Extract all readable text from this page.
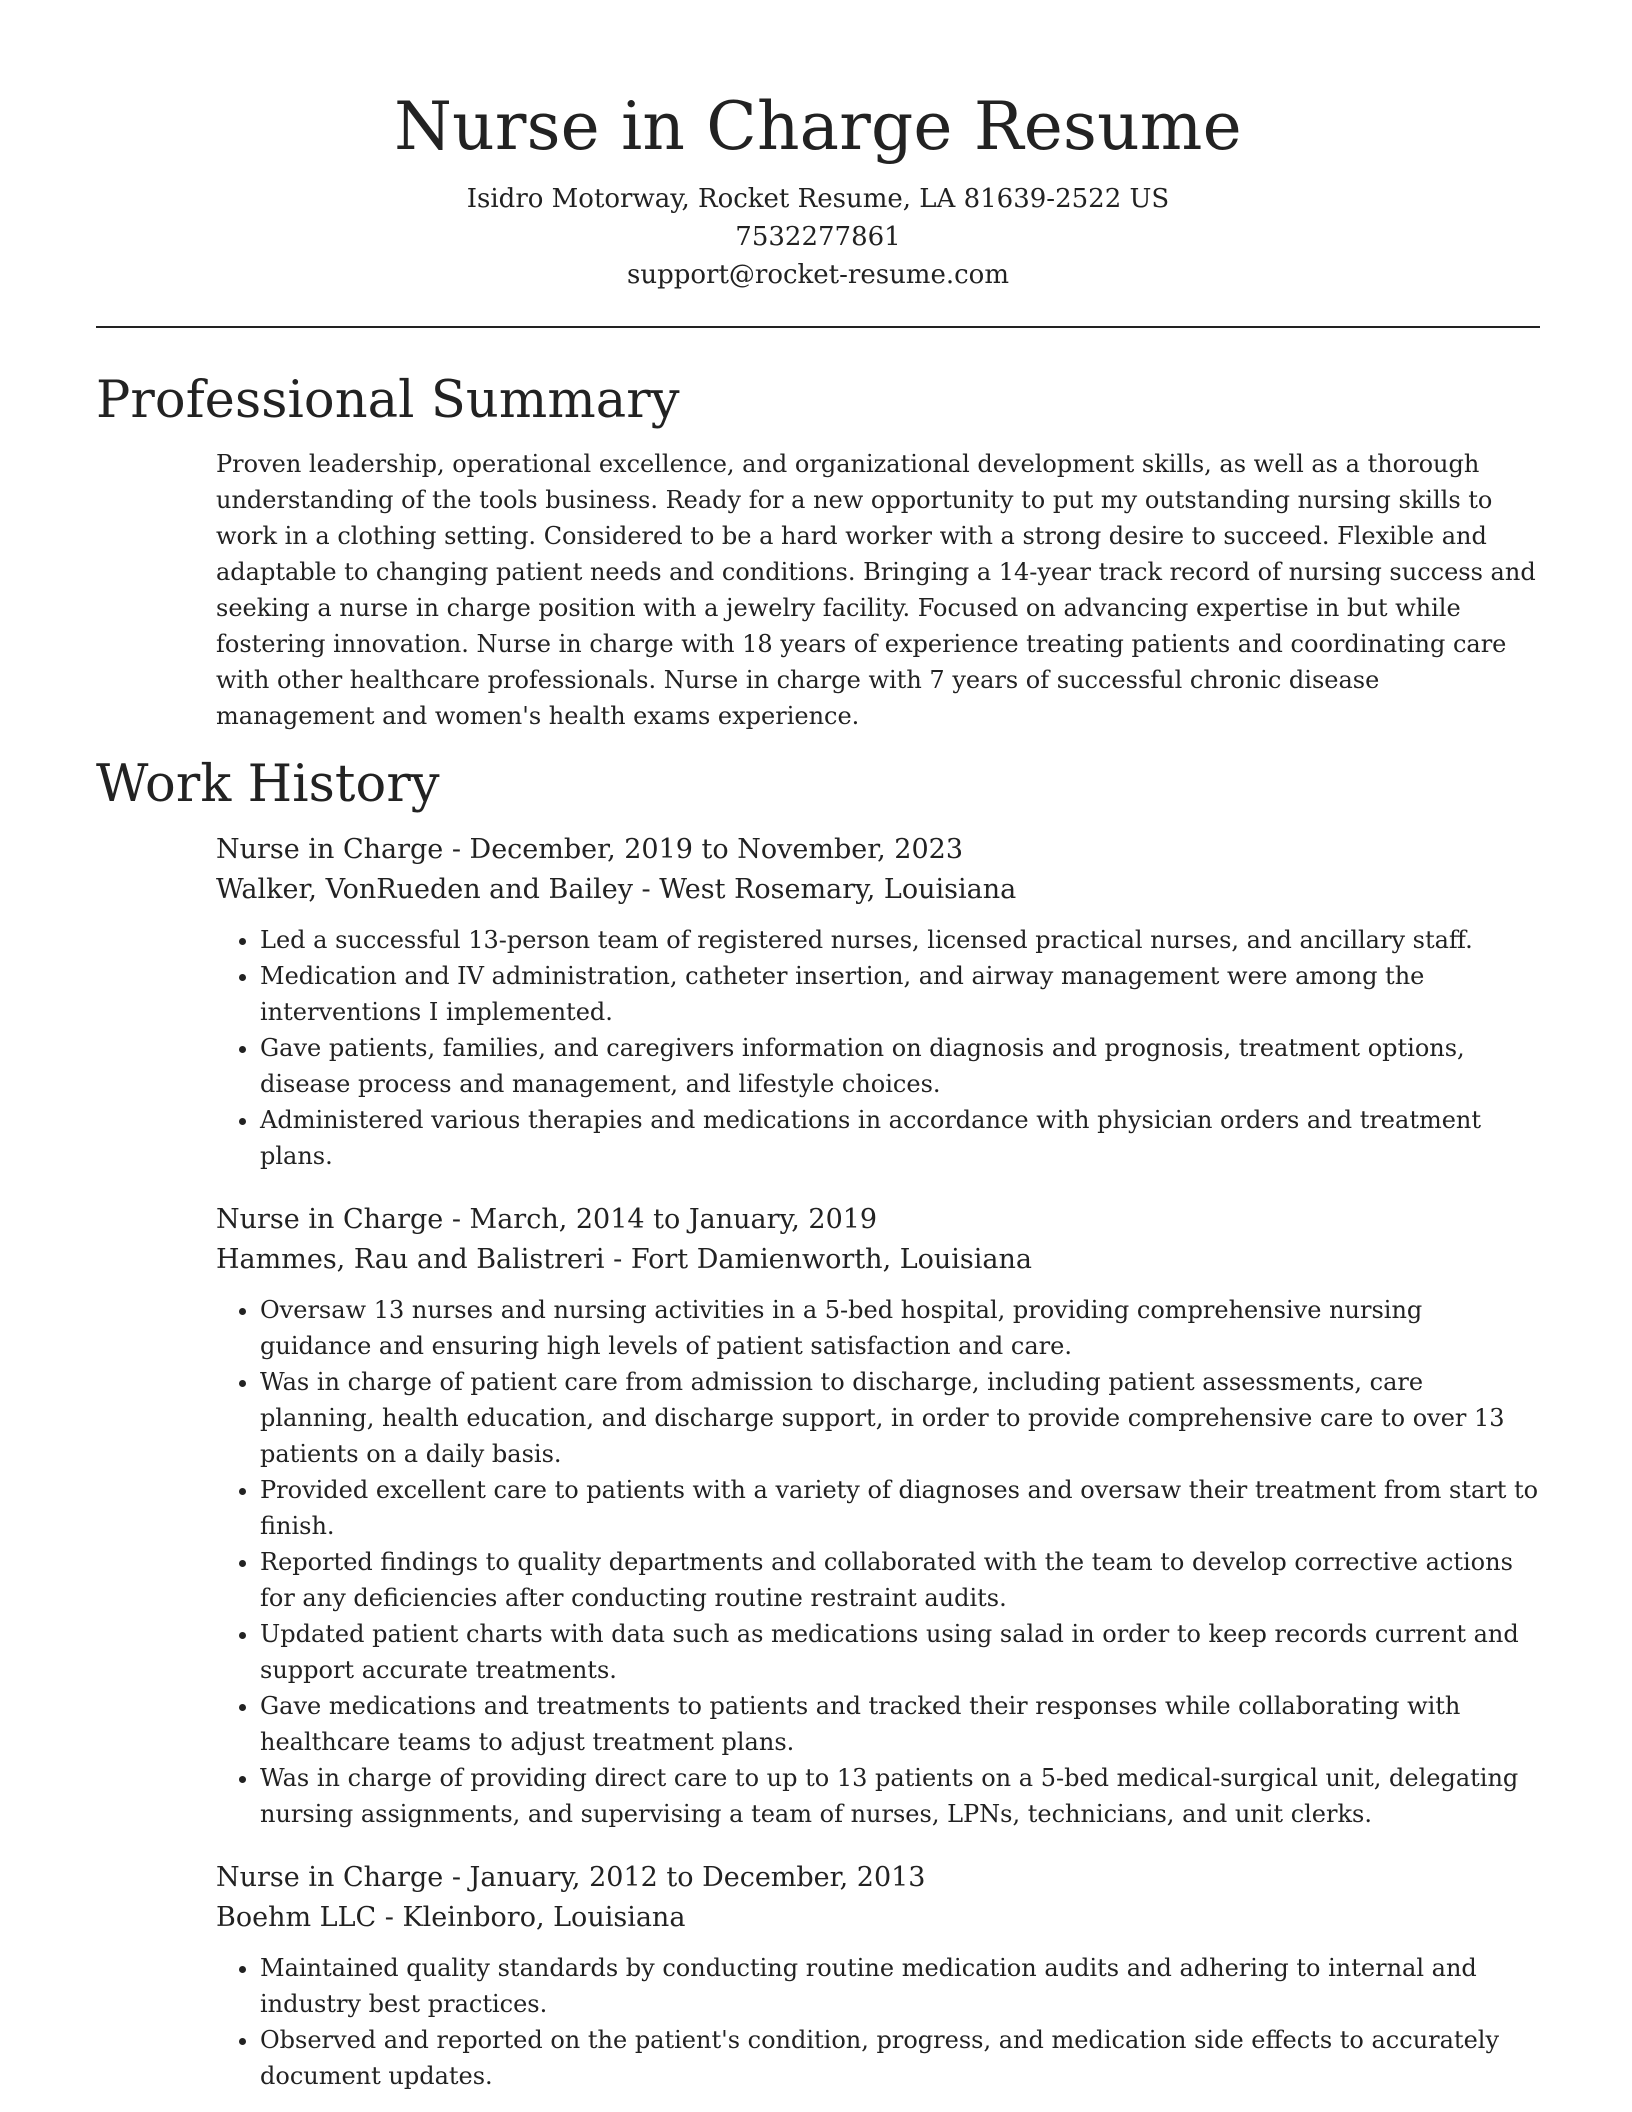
Nurse in Charge Resume
Isidro Motorway, Rocket Resume, LA 81639-2522 US
7532277861
support@rocket-resume.com
Professional Summary
Proven leadership, operational excellence, and organizational development skills, as well as a thorough understanding of the tools business. Ready for a new opportunity to put my outstanding nursing skills to work in a clothing setting. Considered to be a hard worker with a strong desire to succeed. Flexible and adaptable to changing patient needs and conditions. Bringing a 14-year track record of nursing success and seeking a nurse in charge position with a jewelry facility. Focused on advancing expertise in but while fostering innovation. Nurse in charge with 18 years of experience treating patients and coordinating care with other healthcare professionals. Nurse in charge with 7 years of successful chronic disease management and women's health exams experience.
Work History
Nurse in Charge - December, 2019 to November, 2023
Walker, VonRueden and Bailey - West Rosemary, Louisiana
• Led a successful 13-person team of registered nurses, licensed practical nurses, and ancillary staff.
• Medication and IV administration, catheter insertion, and airway management were among the interventions I implemented.
• Gave patients, families, and caregivers information on diagnosis and prognosis, treatment options, disease process and management, and lifestyle choices.
• Administered various therapies and medications in accordance with physician orders and treatment plans.
Nurse in Charge - March, 2014 to January, 2019
Hammes, Rau and Balistreri - Fort Damienworth, Louisiana
• Oversaw 13 nurses and nursing activities in a 5-bed hospital, providing comprehensive nursing guidance and ensuring high levels of patient satisfaction and care.
• Was in charge of patient care from admission to discharge, including patient assessments, care planning, health education, and discharge support, in order to provide comprehensive care to over 13 patients on a daily basis.
• Provided excellent care to patients with a variety of diagnoses and oversaw their treatment from start to finish.
• Reported findings to quality departments and collaborated with the team to develop corrective actions for any deficiencies after conducting routine restraint audits.
• Updated patient charts with data such as medications using salad in order to keep records current and support accurate treatments.
• Gave medications and treatments to patients and tracked their responses while collaborating with healthcare teams to adjust treatment plans.
• Was in charge of providing direct care to up to 13 patients on a 5-bed medical-surgical unit, delegating nursing assignments, and supervising a team of nurses, LPNs, technicians, and unit clerks.
Nurse in Charge - January, 2012 to December, 2013
Boehm LLC - Kleinboro, Louisiana
• Maintained quality standards by conducting routine medication audits and adhering to internal and industry best practices.
• Observed and reported on the patient's condition, progress, and medication side effects to accurately document updates.
